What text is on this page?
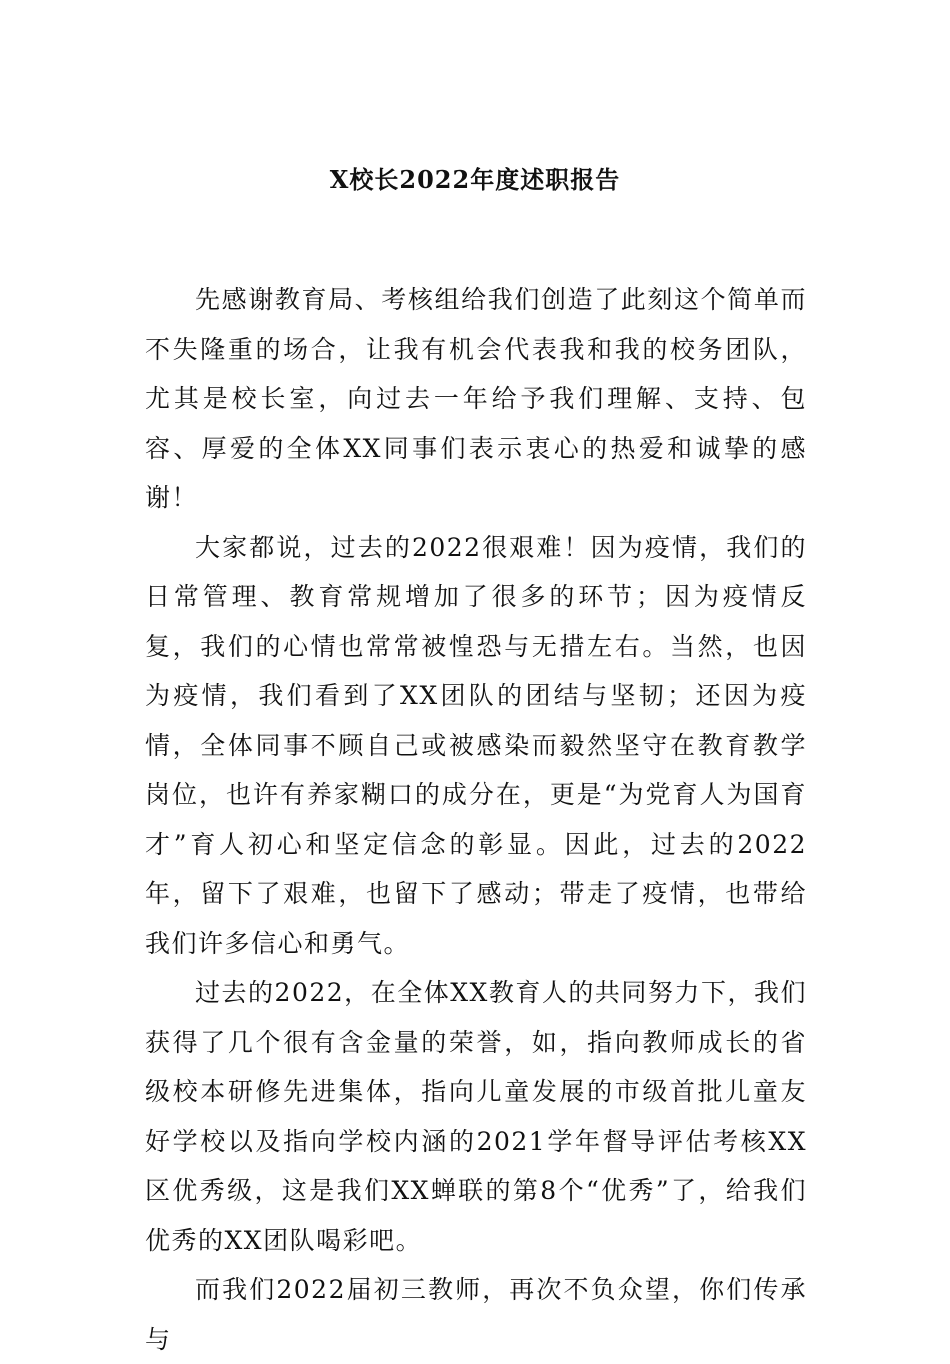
X校长2022年度述职报告

先感谢教育局、考核组给我们创造了此刻这个简单而不失隆重的场合，让我有机会代表我和我的校务团队，尤其是校长室，向过去一年给予我们理解、支持、包容、厚爱的全体XX同事们表示衷心的热爱和诚挚的感谢！

大家都说，过去的2022很艰难！因为疫情，我们的日常管理、教育常规增加了很多的环节；因为疫情反复，我们的心情也常常被惶恐与无措左右。当然，也因为疫情，我们看到了XX团队的团结与坚韧；还因为疫情，全体同事不顾自己或被感染而毅然坚守在教育教学岗位，也许有养家糊口的成分在，更是“为党育人为国育才”育人初心和坚定信念的彰显。因此，过去的2022年，留下了艰难，也留下了感动；带走了疫情，也带给我们许多信心和勇气。

过去的2022，在全体XX教育人的共同努力下，我们获得了几个很有含金量的荣誉，如，指向教师成长的省级校本研修先进集体，指向儿童发展的市级首批儿童友好学校以及指向学校内涵的2021学年督导评估考核XX区优秀级，这是我们XX蝉联的第8个“优秀”了，给我们优秀的XX团队喝彩吧。

而我们2022届初三教师，再次不负众望，你们传承与
